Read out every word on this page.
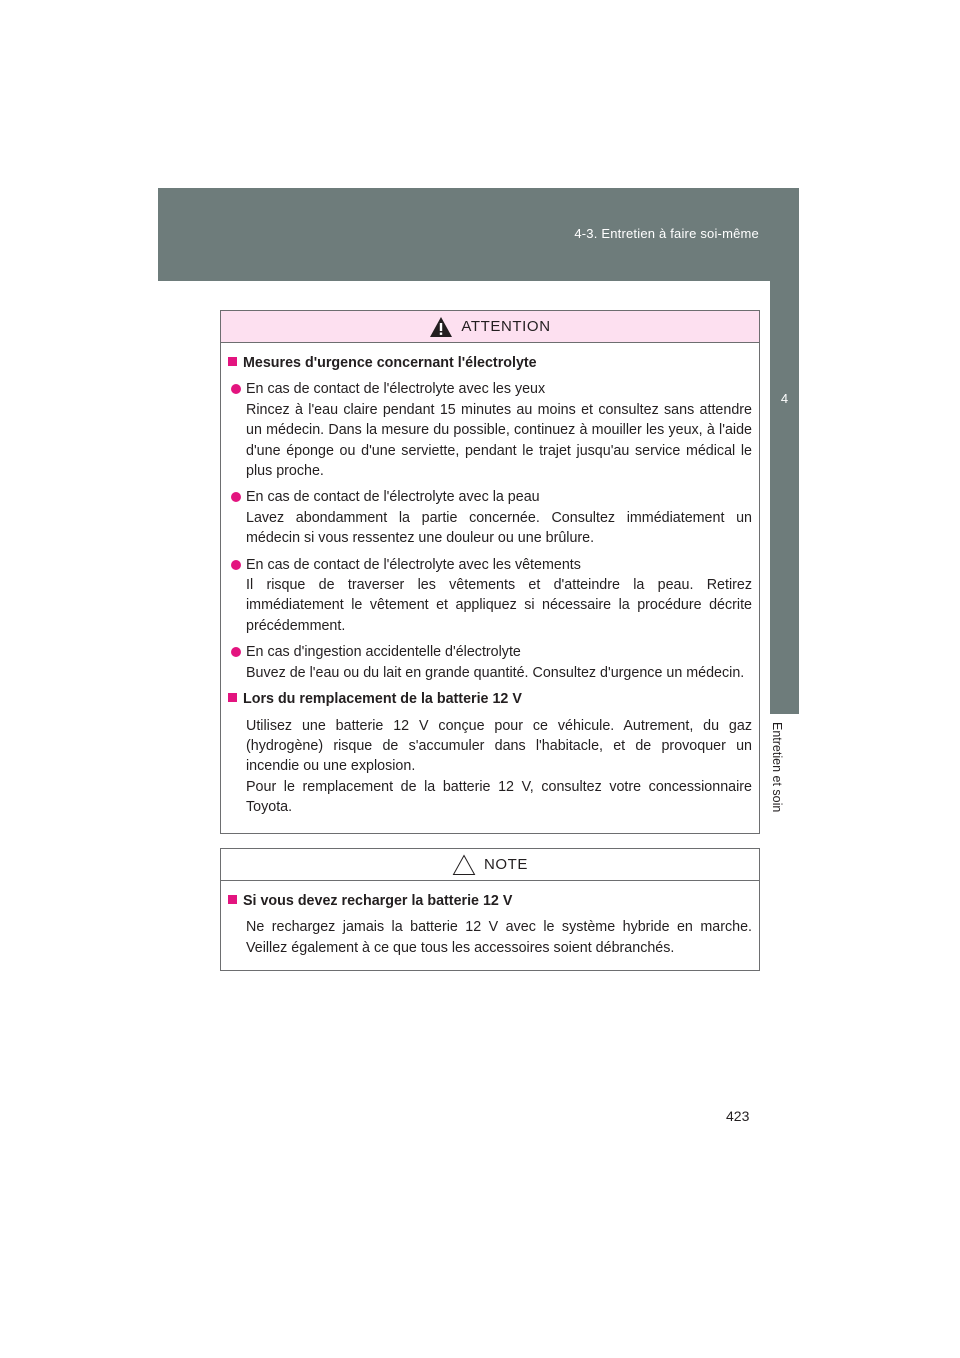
4-3. Entretien à faire soi-même
4
Entretien et soin
ATTENTION
Mesures d'urgence concernant l'électrolyte
En cas de contact de l'électrolyte avec les yeux
Rincez à l'eau claire pendant 15 minutes au moins et consultez sans attendre un médecin. Dans la mesure du possible, continuez à mouiller les yeux, à l'aide d'une éponge ou d'une serviette, pendant le trajet jusqu'au service médical le plus proche.
En cas de contact de l'électrolyte avec la peau
Lavez abondamment la partie concernée. Consultez immédiatement un médecin si vous ressentez une douleur ou une brûlure.
En cas de contact de l'électrolyte avec les vêtements
Il risque de traverser les vêtements et d'atteindre la peau. Retirez immédiatement le vêtement et appliquez si nécessaire la procédure décrite précédemment.
En cas d'ingestion accidentelle d'électrolyte
Buvez de l'eau ou du lait en grande quantité. Consultez d'urgence un médecin.
Lors du remplacement de la batterie 12 V
Utilisez une batterie 12 V conçue pour ce véhicule. Autrement, du gaz (hydrogène) risque de s'accumuler dans l'habitacle, et de provoquer un incendie ou une explosion.
Pour le remplacement de la batterie 12 V, consultez votre concessionnaire Toyota.
NOTE
Si vous devez recharger la batterie 12 V
Ne rechargez jamais la batterie 12 V avec le système hybride en marche. Veillez également à ce que tous les accessoires soient débranchés.
423
